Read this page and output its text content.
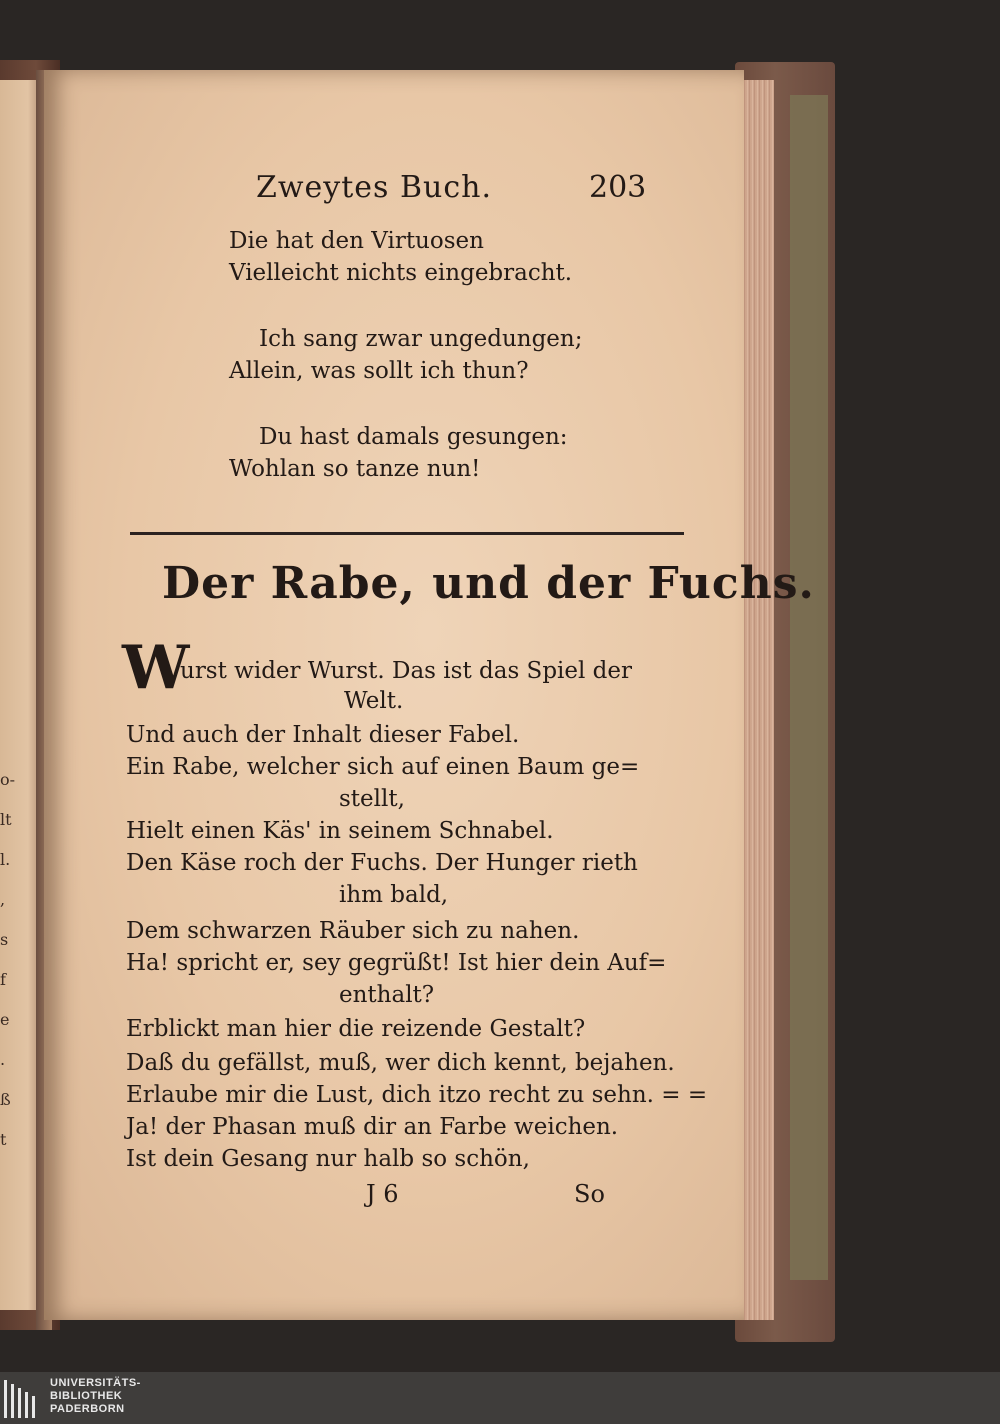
o-
lt
l.
,
s
f
e
.
ß
t
Zweytes Buch.	203
Die hat den Virtuosen
Vielleicht nichts eingebracht.
Ich sang zwar ungedungen;
Allein, was sollt ich thun?
Du hast damals gesungen:
Wohlan so tanze nun!
Der Rabe, und der Fuchs.
W
urst wider Wurst. Das ist das Spiel der
Welt.
Und auch der Inhalt dieser Fabel.
Ein Rabe, welcher sich auf einen Baum ge=
stellt,
Hielt einen Käs' in seinem Schnabel.
Den Käse roch der Fuchs. Der Hunger rieth
ihm bald,
Dem schwarzen Räuber sich zu nahen.
Ha! spricht er, sey gegrüßt! Ist hier dein Auf=
enthalt?
Erblickt man hier die reizende Gestalt?
Daß du gefällst, muß, wer dich kennt, bejahen.
Erlaube mir die Lust, dich itzo recht zu sehn. = =
Ja! der Phasan muß dir an Farbe weichen.
Ist dein Gesang nur halb so schön,
J 6	So
UNIVERSITÄTS-
BIBLIOTHEK
PADERBORN
